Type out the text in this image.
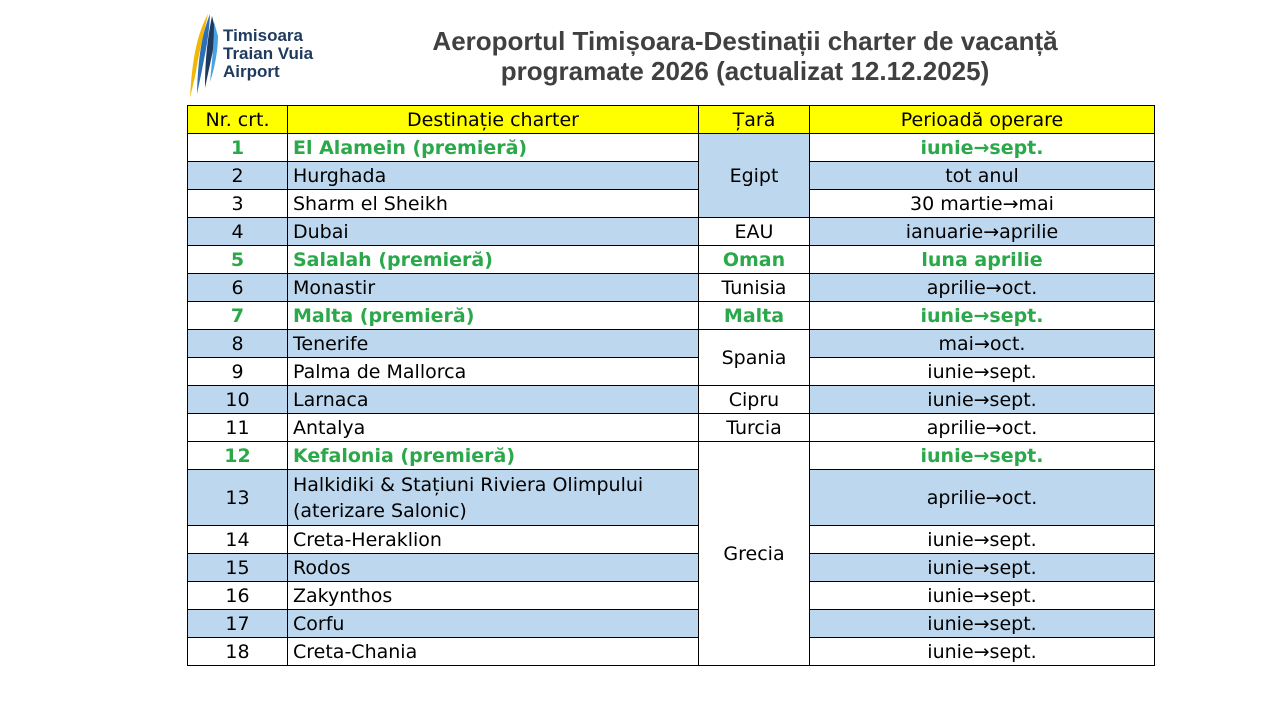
Timisoara
Traian Vuia
Airport
Aeroportul Timișoara-Destinații charter de vacanță
programate 2026 (actualizat 12.12.2025)
Nr. crt.	Destinație charter	Țară	Perioadă operare
1	El Alamein (premieră)	Egipt	iunie→sept.
2	Hurghada		tot anul
3	Sharm el Sheikh		30 martie→mai
4	Dubai	EAU	ianuarie→aprilie
5	Salalah (premieră)	Oman	luna aprilie
6	Monastir	Tunisia	aprilie→oct.
7	Malta (premieră)	Malta	iunie→sept.
8	Tenerife	Spania	mai→oct.
9	Palma de Mallorca		iunie→sept.
10	Larnaca	Cipru	iunie→sept.
11	Antalya	Turcia	aprilie→oct.
12	Kefalonia (premieră)	Grecia	iunie→sept.
13	Halkidiki & Stațiuni Riviera Olimpului (aterizare Salonic)		aprilie→oct.
14	Creta-Heraklion		iunie→sept.
15	Rodos		iunie→sept.
16	Zakynthos		iunie→sept.
17	Corfu		iunie→sept.
18	Creta-Chania		iunie→sept.
